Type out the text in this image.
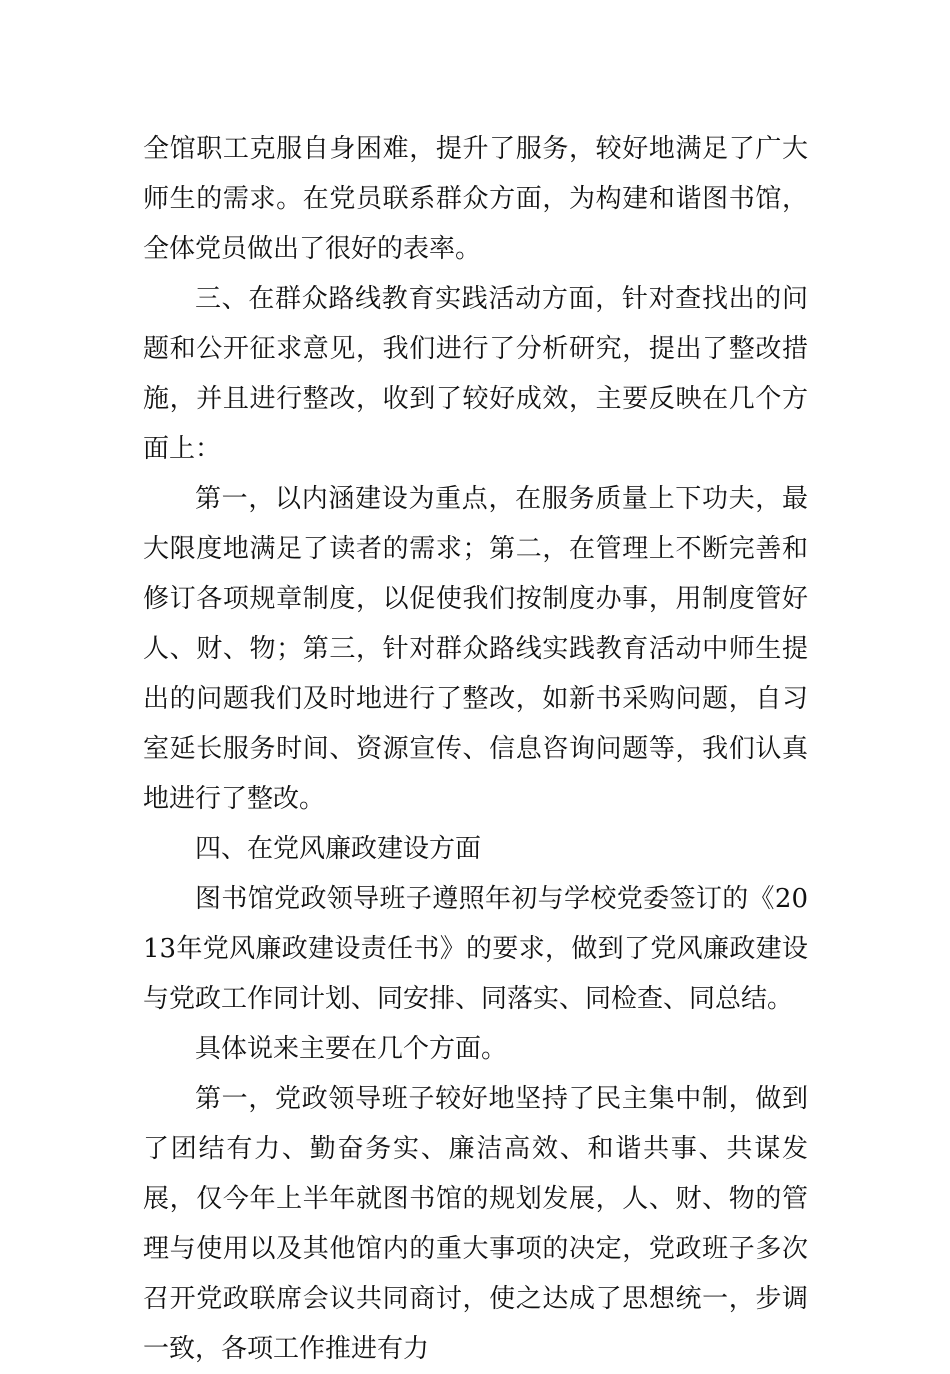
全馆职工克服自身困难，提升了服务，较好地满足了广大师生的需求。在党员联系群众方面，为构建和谐图书馆，全体党员做出了很好的表率。

三、在群众路线教育实践活动方面，针对查找出的问题和公开征求意见，我们进行了分析研究，提出了整改措施，并且进行整改，收到了较好成效，主要反映在几个方面上：

第一，以内涵建设为重点，在服务质量上下功夫，最大限度地满足了读者的需求；第二，在管理上不断完善和修订各项规章制度，以促使我们按制度办事，用制度管好人、财、物；第三，针对群众路线实践教育活动中师生提出的问题我们及时地进行了整改，如新书采购问题，自习室延长服务时间、资源宣传、信息咨询问题等，我们认真地进行了整改。

四、在党风廉政建设方面

图书馆党政领导班子遵照年初与学校党委签订的《2013年党风廉政建设责任书》的要求，做到了党风廉政建设与党政工作同计划、同安排、同落实、同检查、同总结。

具体说来主要在几个方面。

第一，党政领导班子较好地坚持了民主集中制，做到了团结有力、勤奋务实、廉洁高效、和谐共事、共谋发展，仅今年上半年就图书馆的规划发展，人、财、物的管理与使用以及其他馆内的重大事项的决定，党政班子多次召开党政联席会议共同商讨，使之达成了思想统一，步调一致，各项工作推进有力
